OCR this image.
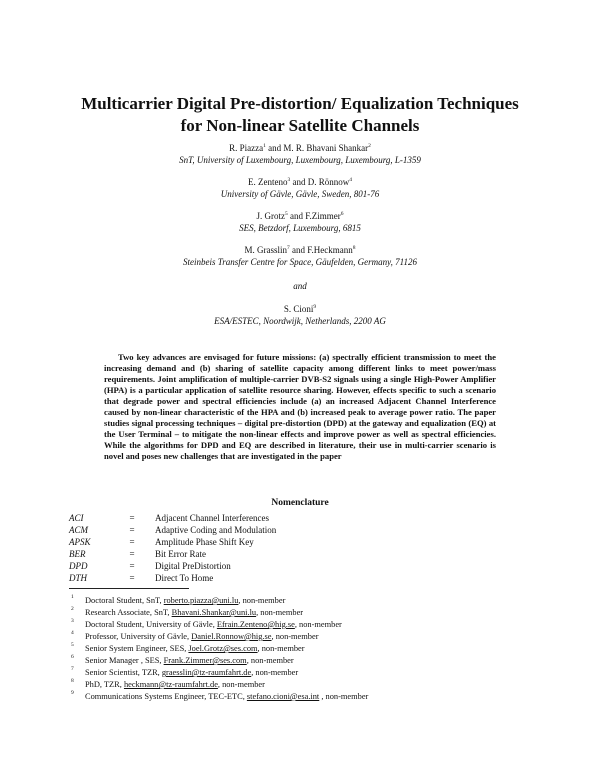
Multicarrier Digital Pre-distortion/ Equalization Techniques
for Non-linear Satellite Channels
R. Piazza$^1$ and M. R. Bhavani Shankar$^2$
SnT, University of Luxembourg, Luxembourg, Luxembourg, L-1359
E. Zenteno$^3$ and D. Rönnow$^4$
University of Gävle, Gävle, Sweden, 801-76
J. Grotz$^5$ and F.Zimmer$^6$
SES, Betzdorf, Luxembourg, 6815
M. Grasslin$^7$ and F.Heckmann$^8$
Steinbeis Transfer Centre for Space, Gäufelden, Germany, 71126
and
S. Cioni$^9$
ESA/ESTEC, Noordwijk, Netherlands, 2200 AG
Two key advances are envisaged for future missions: (a) spectrally efficient transmission to meet the increasing demand and (b) sharing of satellite capacity among different links to meet power/mass requirements. Joint amplification of multiple-carrier DVB-S2 signals using a single High-Power Amplifier (HPA) is a particular application of satellite resource sharing. However, effects specific to such a scenario that degrade power and spectral efficiencies include (a) an increased Adjacent Channel Interference caused by non-linear characteristic of the HPA and (b) increased peak to average power ratio. The paper studies signal processing techniques – digital pre-distortion (DPD) at the gateway and equalization (EQ) at the User Terminal – to mitigate the non-linear effects and improve power as well as spectral efficiencies. While the algorithms for DPD and EQ are described in literature, their use in multi-carrier scenario is novel and poses new challenges that are investigated in the paper
Nomenclature
ACI	=	Adjacent Channel Interferences
ACM	=	Adaptive Coding and Modulation
APSK	=	Amplitude Phase Shift Key
BER	=	Bit Error Rate
DPD	=	Digital PreDistortion
DTH	=	Direct To Home
1 Doctoral Student, SnT, roberto.piazza@uni.lu, non-member
2 Research Associate, SnT, Bhavani.Shankar@uni.lu, non-member
3 Doctoral Student, University of Gävle, Efrain.Zenteno@hig.se, non-member
4 Professor, University of Gävle, Daniel.Ronnow@hig.se, non-member
5 Senior System Engineer, SES, Joel.Grotz@ses.com, non-member
6 Senior Manager , SES, Frank.Zimmer@ses.com, non-member
7 Senior Scientist, TZR, graesslin@tz-raumfahrt.de, non-member
8 PhD, TZR, heckmann@tz-raumfahrt.de, non-member
9 Communications Systems Engineer, TEC-ETC, stefano.cioni@esa.int , non-member
